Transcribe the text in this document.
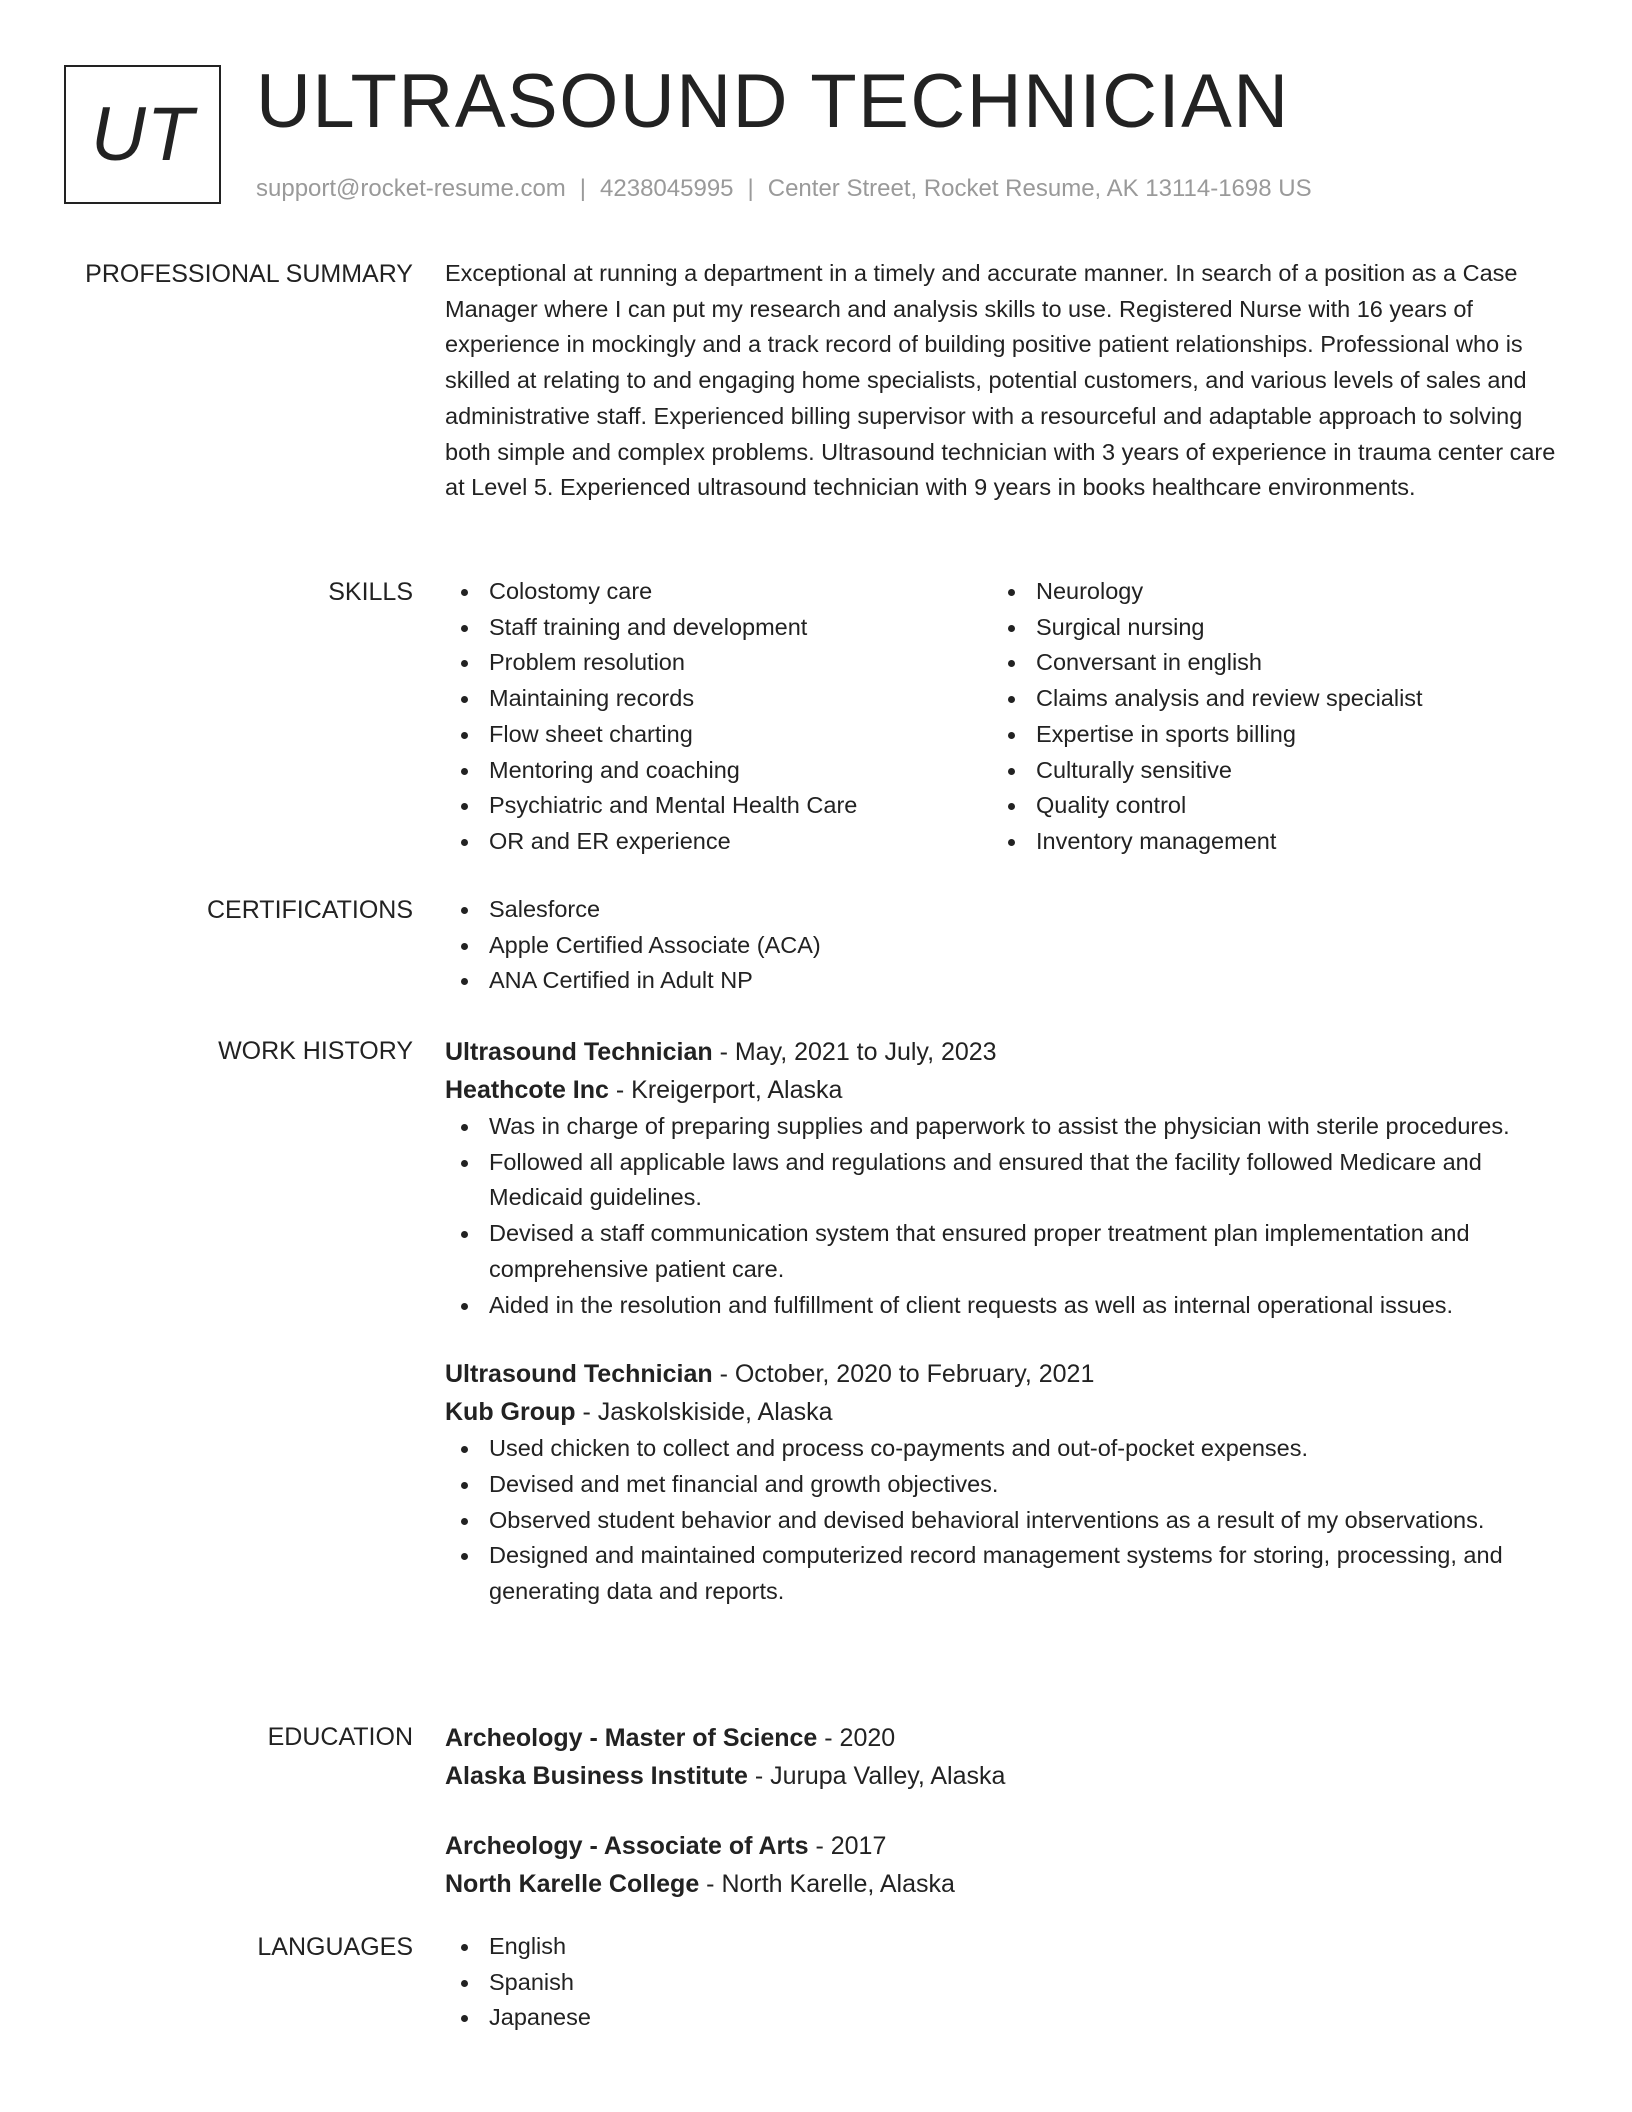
UT ULTRASOUND TECHNICIAN
support@rocket-resume.com | 4238045995 | Center Street, Rocket Resume, AK 13114-1698 US
PROFESSIONAL SUMMARY Exceptional at running a department in a timely and accurate manner. In search of a position as a Case Manager where I can put my research and analysis skills to use. Registered Nurse with 16 years of experience in mockingly and a track record of building positive patient relationships. Professional who is skilled at relating to and engaging home specialists, potential customers, and various levels of sales and administrative staff. Experienced billing supervisor with a resourceful and adaptable approach to solving both simple and complex problems. Ultrasound technician with 3 years of experience in trauma center care at Level 5. Experienced ultrasound technician with 9 years in books healthcare environments.

SKILLS	Colostomy care
Staff training and development
Problem resolution
Maintaining records
Flow sheet charting
Mentoring and coaching
Psychiatric and Mental Health Care
OR and ER experience
Neurology
Surgical nursing
Conversant in english
Claims analysis and review specialist
Expertise in sports billing
Culturally sensitive
Quality control
Inventory management
CERTIFICATIONS	Salesforce
Apple Certified Associate (ACA)
ANA Certified in Adult NP
WORK HISTORY Ultrasound Technician - May, 2021 to July, 2023
Heathcote Inc - Kreigerport, Alaska
Was in charge of preparing supplies and paperwork to assist the physician with sterile procedures.
Followed all applicable laws and regulations and ensured that the facility followed Medicare and Medicaid guidelines.
Devised a staff communication system that ensured proper treatment plan implementation and comprehensive patient care.
Aided in the resolution and fulfillment of client requests as well as internal operational issues.
Ultrasound Technician - October, 2020 to February, 2021
Kub Group - Jaskolskiside, Alaska
Used chicken to collect and process co-payments and out-of-pocket expenses.
Devised and met financial and growth objectives.
Observed student behavior and devised behavioral interventions as a result of my observations.
Designed and maintained computerized record management systems for storing, processing, and generating data and reports.
EDUCATION Archeology - Master of Science - 2020
Alaska Business Institute - Jurupa Valley, Alaska
Archeology - Associate of Arts - 2017
North Karelle College - North Karelle, Alaska
LANGUAGES	English
Spanish
Japanese
